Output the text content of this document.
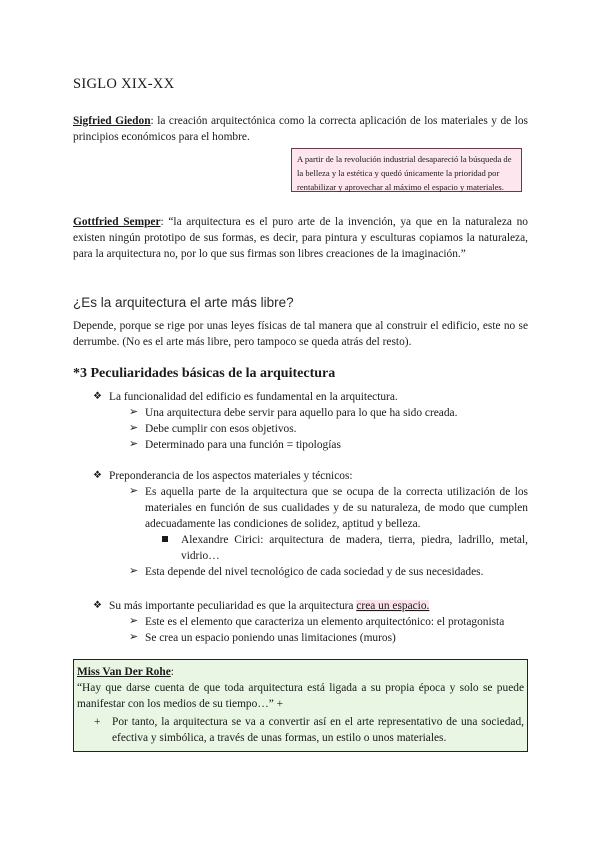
SIGLO XIX-XX
Sigfried Giedon: la creación arquitectónica como la correcta aplicación de los materiales y de los principios económicos para el hombre.
A partir de la revolución industrial desapareció la búsqueda de la belleza y la estética y quedó únicamente la prioridad por rentabilizar y aprovechar al máximo el espacio y materiales.
Gottfried Semper: “la arquitectura es el puro arte de la invención, ya que en la naturaleza no existen ningún prototipo de sus formas, es decir, para pintura y esculturas copiamos la naturaleza, para la arquitectura no, por lo que sus firmas son libres creaciones de la imaginación.”
¿Es la arquitectura el arte más libre?
Depende, porque se rige por unas leyes físicas de tal manera que al construir el edificio, este no se derrumbe. (No es el arte más libre, pero tampoco se queda atrás del resto).
*3 Peculiaridades básicas de la arquitectura
❖ La funcionalidad del edificio es fundamental en la arquitectura.
➢ Una arquitectura debe servir para aquello para lo que ha sido creada.
➢ Debe cumplir con esos objetivos.
➢ Determinado para una función = tipologías
❖ Preponderancia de los aspectos materiales y técnicos:
➢ Es aquella parte de la arquitectura que se ocupa de la correcta utilización de los materiales en función de sus cualidades y de su naturaleza, de modo que cumplen adecuadamente las condiciones de solidez, aptitud y belleza.
Alexandre Cirici: arquitectura de madera, tierra, piedra, ladrillo, metal, vidrio…
➢ Esta depende del nivel tecnológico de cada sociedad y de sus necesidades.
❖ Su más importante peculiaridad es que la arquitectura crea un espacio.
➢ Este es el elemento que caracteriza un elemento arquitectónico: el protagonista
➢ Se crea un espacio poniendo unas limitaciones (muros)
Miss Van Der Rohe:
“Hay que darse cuenta de que toda arquitectura está ligada a su propia época y solo se puede manifestar con los medios de su tiempo…” +
+ Por tanto, la arquitectura se va a convertir así en el arte representativo de una sociedad, efectiva y simbólica, a través de unas formas, un estilo o unos materiales.
